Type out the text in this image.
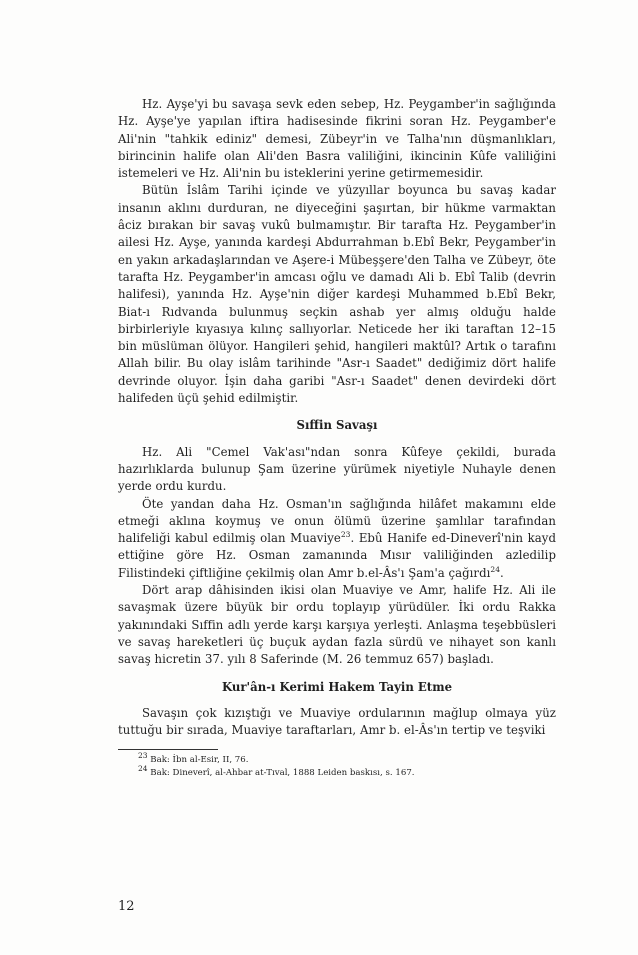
Hz. Ayşe'yi bu savaşa sevk eden sebep, Hz. Peygamber'in sağlığında Hz. Ayşe'ye yapılan iftira hadisesinde fikrini soran Hz. Peygamber'e Ali'nin "tahkik ediniz" demesi, Zübeyr'in ve Talha'nın düşmanlıkları, birincinin halife olan Ali'den Basra valiliğini, ikincinin Kûfe valiliğini istemeleri ve Hz. Ali'nin bu isteklerini yerine getirmemesidir.

Bütün İslâm Tarihi içinde ve yüzyıllar boyunca bu savaş kadar insanın aklını durduran, ne diyeceğini şaşırtan, bir hükme varmaktan âciz bırakan bir savaş vukû bulmamıştır. Bir tarafta Hz. Peygamber'in ailesi Hz. Ayşe, yanında kardeşi Abdurrahman b.Ebî Bekr, Peygamber'in en yakın arkadaşlarından ve Aşere-i Mübeşşere'den Talha ve Zübeyr, öte tarafta Hz. Peygamber'in amcası oğlu ve damadı Ali b. Ebî Talib (devrin halifesi), yanında Hz. Ayşe'nin diğer kardeşi Muhammed b.Ebî Bekr, Biat-ı Rıdvanda bulunmuş seçkin ashab yer almış olduğu halde birbirleriyle kıyasıya kılınç sallıyorlar. Neticede her iki taraftan 12–15 bin müslüman ölüyor. Hangileri şehid, hangileri maktûl? Artık o tarafını Allah bilir. Bu olay islâm tarihinde "Asr-ı Saadet" dediğimiz dört halife devrinde oluyor. İşin daha garibi "Asr-ı Saadet" denen devirdeki dört halifeden üçü şehid edilmiştir.

Sıffin Savaşı

Hz. Ali "Cemel Vak'ası"ndan sonra Kûfeye çekildi, burada hazırlıklarda bulunup Şam üzerine yürümek niyetiyle Nuhayle denen yerde ordu kurdu.

Öte yandan daha Hz. Osman'ın sağlığında hilâfet makamını elde etmeği aklına koymuş ve onun ölümü üzerine şamlılar tarafından halifeliği kabul edilmiş olan Muaviye$^{23}$. Ebû Hanife ed-Dineverî'nin kayd ettiğine göre Hz. Osman zamanında Mısır valiliğinden azledilip Filistindeki çiftliğine çekilmiş olan Amr b.el-Âs'ı Şam'a çağırdı$^{24}$.

Dört arap dâhisinden ikisi olan Muaviye ve Amr, halife Hz. Ali ile savaşmak üzere büyük bir ordu toplayıp yürüdüler. İki ordu Rakka yakınındaki Sıffin adlı yerde karşı karşıya yerleşti. Anlaşma teşebbüsleri ve savaş hareketleri üç buçuk aydan fazla sürdü ve nihayet son kanlı savaş hicretin 37. yılı 8 Saferinde (M. 26 temmuz 657) başladı.

Kur'ân-ı Kerimi Hakem Tayin Etme

Savaşın çok kızıştığı ve Muaviye ordularının mağlup olmaya yüz tuttuğu bir sırada, Muaviye taraftarları, Amr b. el-Âs'ın tertip ve teşviki

$^{23}$ Bak: İbn al-Esir, II, 76.

$^{24}$ Bak: Dineverî, al-Ahbar at-Tıval, 1888 Leiden baskısı, s. 167.

12
